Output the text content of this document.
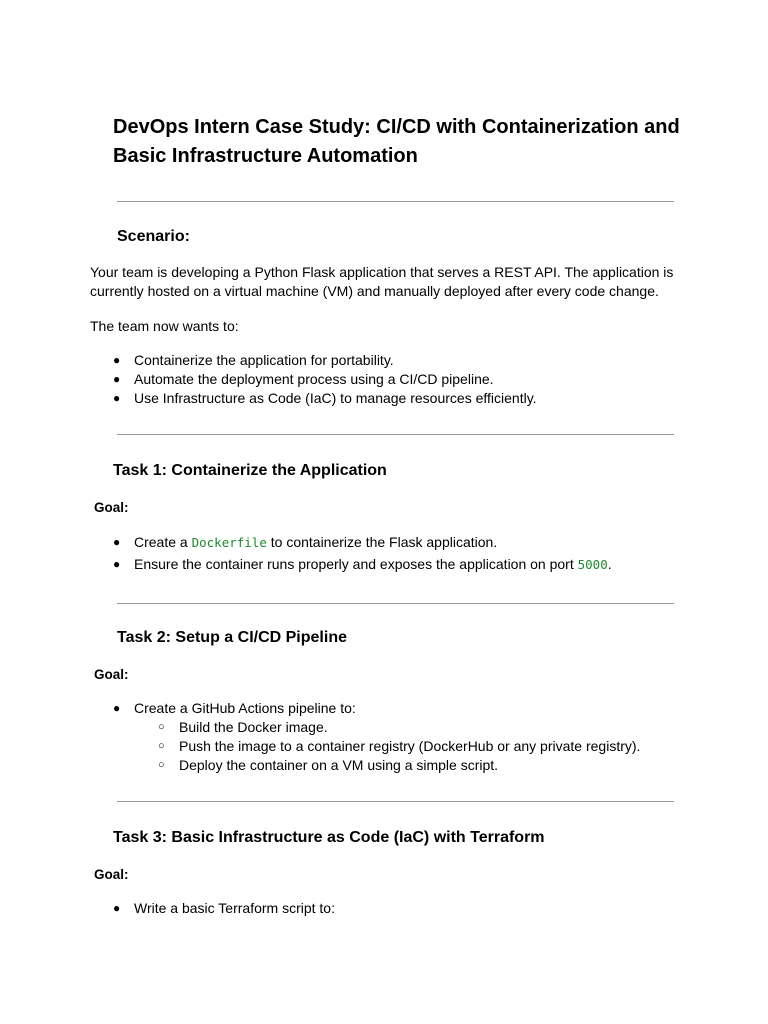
DevOps Intern Case Study: CI/CD with Containerization and Basic Infrastructure Automation
Scenario:
Your team is developing a Python Flask application that serves a REST API. The application is currently hosted on a virtual machine (VM) and manually deployed after every code change.
The team now wants to:
● Containerize the application for portability.
● Automate the deployment process using a CI/CD pipeline.
● Use Infrastructure as Code (IaC) to manage resources efficiently.
Task 1: Containerize the Application
Goal:
● Create a Dockerfile to containerize the Flask application.
● Ensure the container runs properly and exposes the application on port 5000.
Task 2: Setup a CI/CD Pipeline
Goal:
● Create a GitHub Actions pipeline to:
○ Build the Docker image.
○ Push the image to a container registry (DockerHub or any private registry).
○ Deploy the container on a VM using a simple script.
Task 3: Basic Infrastructure as Code (IaC) with Terraform
Goal:
● Write a basic Terraform script to:
